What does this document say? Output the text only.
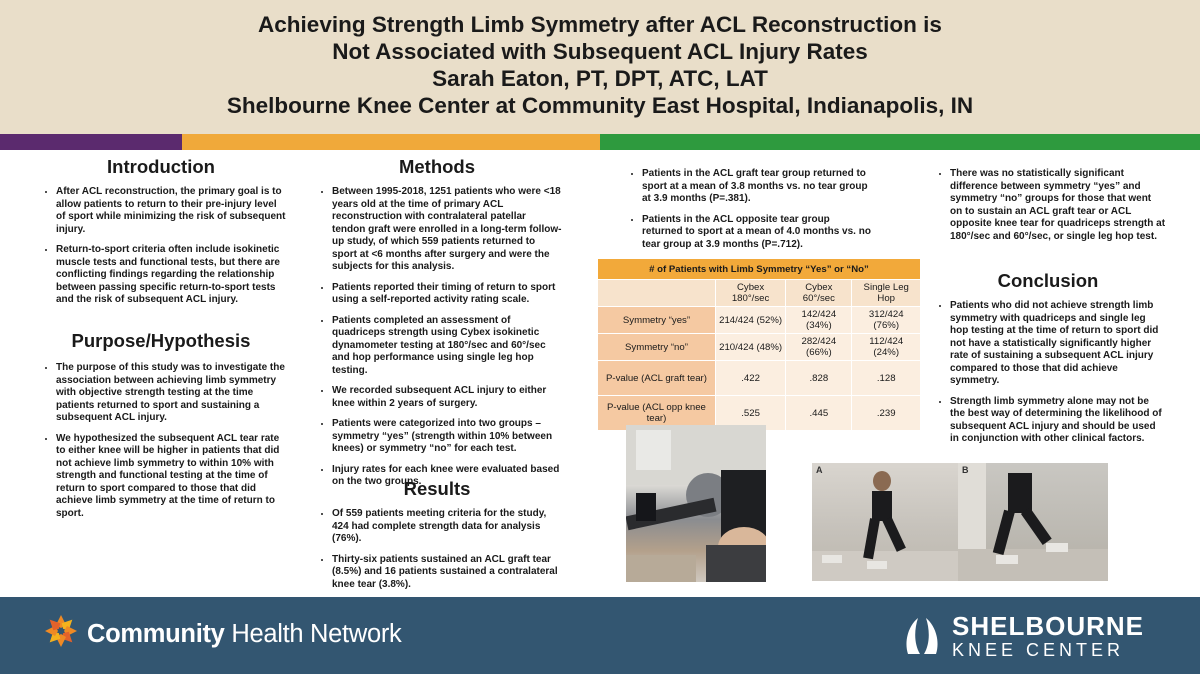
Achieving Strength Limb Symmetry after ACL Reconstruction is
Not Associated with Subsequent ACL Injury Rates
Sarah Eaton, PT, DPT, ATC, LAT
Shelbourne Knee Center at Community East Hospital, Indianapolis, IN
Introduction
• After ACL reconstruction, the primary goal is to allow patients to return to their pre-injury level of sport while minimizing the risk of subsequent injury.
• Return-to-sport criteria often include isokinetic muscle tests and functional tests, but there are conflicting findings regarding the relationship between passing specific return-to-sport tests and the risk of subsequent ACL injury.
Purpose/Hypothesis
• The purpose of this study was to investigate the association between achieving limb symmetry with objective strength testing at the time patients returned to sport and sustaining a subsequent ACL injury.
• We hypothesized the subsequent ACL tear rate to either knee will be higher in patients that did not achieve limb symmetry to within 10% with strength and functional testing at the time of return to sport compared to those that did achieve limb symmetry at the time of return to sport.
Methods
• Between 1995-2018, 1251 patients who were <18 years old at the time of primary ACL reconstruction with contralateral patellar tendon graft were enrolled in a long-term follow-up study, of which 559 patients returned to sport at <6 months after surgery and were the subjects for this analysis.
• Patients reported their timing of return to sport using a self-reported activity rating scale.
• Patients completed an assessment of quadriceps strength using Cybex isokinetic dynamometer testing at 180°/sec and 60°/sec and hop performance using single leg hop testing.
• We recorded subsequent ACL injury to either knee within 2 years of surgery.
• Patients were categorized into two groups – symmetry “yes” (strength within 10% between knees) or symmetry “no” for each test.
• Injury rates for each knee were evaluated based on the two groups.
Results
• Of 559 patients meeting criteria for the study, 424 had complete strength data for analysis (76%).
• Thirty-six patients sustained an ACL graft tear (8.5%) and 16 patients sustained a contralateral knee tear (3.8%).
• Patients in the ACL graft tear group returned to sport at a mean of 3.8 months vs. no tear group at 3.9 months (P=.381).
• Patients in the ACL opposite tear group returned to sport at a mean of 4.0 months vs. no tear group at 3.9 months (P=.712).
# of Patients with Limb Symmetry “Yes” or “No”			
	Cybex 180°/sec	Cybex 60°/sec	Single Leg Hop
Symmetry “yes”	214/424 (52%)	142/424 (34%)	312/424 (76%)
Symmetry “no”	210/424 (48%)	282/424 (66%)	112/424 (24%)
P-value (ACL graft tear)	.422	.828	.128
P-value (ACL opp knee tear)	.525	.445	.239
A	B
• There was no statistically significant difference between symmetry “yes” and symmetry “no” groups for those that went on to sustain an ACL graft tear or ACL opposite knee tear for quadriceps strength at 180°/sec and 60°/sec, or single leg hop test.
Conclusion
• Patients who did not achieve strength limb symmetry with quadriceps and single leg hop testing at the time of return to sport did not have a statistically significantly higher rate of sustaining a subsequent ACL injury compared to those that did achieve symmetry.
• Strength limb symmetry alone may not be the best way of determining the likelihood of subsequent ACL injury and should be used in conjunction with other clinical factors.
Community Health Network	SHELBOURNE
KNEE CENTER
